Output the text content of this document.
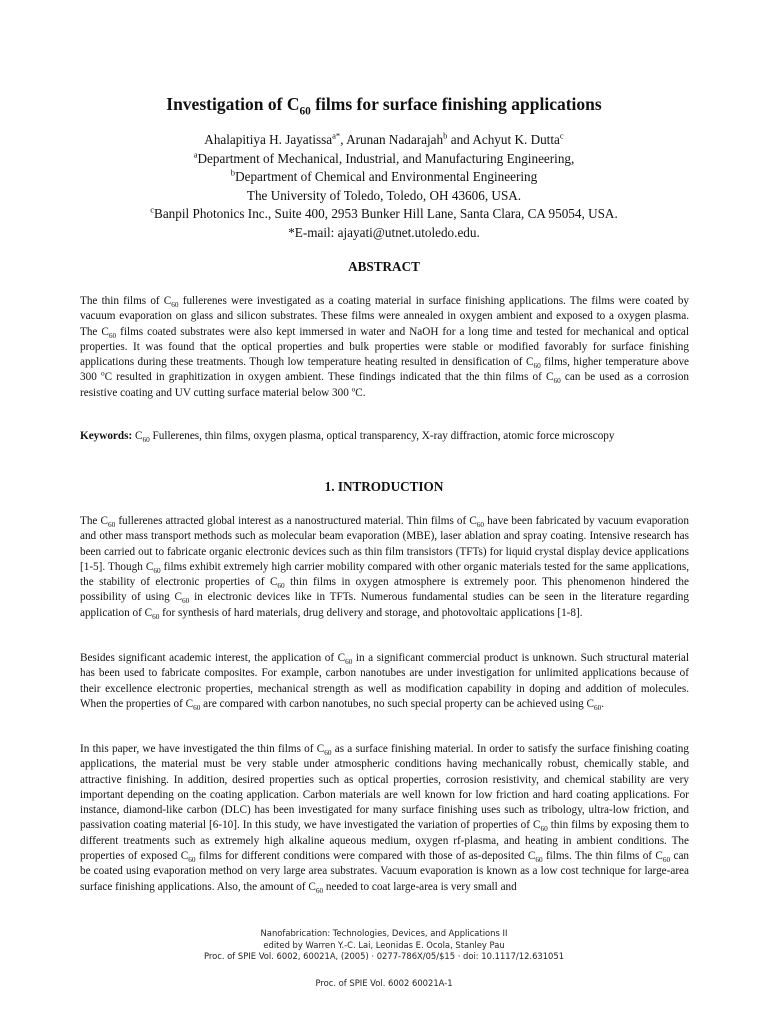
Investigation of $C_{60}$ films for surface finishing applications
Ahalapitiya H. Jayatissa$^{a*}$, Arunan Nadarajah$^b$ and Achyut K. Dutta$^c$
$^a$Department of Mechanical, Industrial, and Manufacturing Engineering,
$^b$Department of Chemical and Environmental Engineering
The University of Toledo, Toledo, OH 43606, USA.
$^c$Banpil Photonics Inc., Suite 400, 2953 Bunker Hill Lane, Santa Clara, CA 95054, USA.
*E-mail: ajayati@utnet.utoledo.edu.
ABSTRACT

The thin films of $C_{60}$ fullerenes were investigated as a coating material in surface finishing applications. The films were coated by vacuum evaporation on glass and silicon substrates. These films were annealed in oxygen ambient and exposed to a oxygen plasma. The $C_{60}$ films coated substrates were also kept immersed in water and NaOH for a long time and tested for mechanical and optical properties. It was found that the optical properties and bulk properties were stable or modified favorably for surface finishing applications during these treatments. Though low temperature heating resulted in densification of $C_{60}$ films, higher temperature above 300 $^o$C resulted in graphitization in oxygen ambient. These findings indicated that the thin films of $C_{60}$ can be used as a corrosion resistive coating and UV cutting surface material below 300 $^o$C.

Keywords: $C_{60}$ Fullerenes, thin films, oxygen plasma, optical transparency, X-ray diffraction, atomic force microscopy
1. INTRODUCTION

The $C_{60}$ fullerenes attracted global interest as a nanostructured material. Thin films of $C_{60}$ have been fabricated by vacuum evaporation and other mass transport methods such as molecular beam evaporation (MBE), laser ablation and spray coating. Intensive research has been carried out to fabricate organic electronic devices such as thin film transistors (TFTs) for liquid crystal display device applications [1-5]. Though $C_{60}$ films exhibit extremely high carrier mobility compared with other organic materials tested for the same applications, the stability of electronic properties of $C_{60}$ thin films in oxygen atmosphere is extremely poor. This phenomenon hindered the possibility of using $C_{60}$ in electronic devices like in TFTs. Numerous fundamental studies can be seen in the literature regarding application of $C_{60}$ for synthesis of hard materials, drug delivery and storage, and photovoltaic applications [1-8].

Besides significant academic interest, the application of $C_{60}$ in a significant commercial product is unknown. Such structural material has been used to fabricate composites. For example, carbon nanotubes are under investigation for unlimited applications because of their excellence electronic properties, mechanical strength as well as modification capability in doping and addition of molecules. When the properties of $C_{60}$ are compared with carbon nanotubes, no such special property can be achieved using $C_{60}$.

In this paper, we have investigated the thin films of $C_{60}$ as a surface finishing material. In order to satisfy the surface finishing coating applications, the material must be very stable under atmospheric conditions having mechanically robust, chemically stable, and attractive finishing. In addition, desired properties such as optical properties, corrosion resistivity, and chemical stability are very important depending on the coating application. Carbon materials are well known for low friction and hard coating applications. For instance, diamond-like carbon (DLC) has been investigated for many surface finishing uses such as tribology, ultra-low friction, and passivation coating material [6-10]. In this study, we have investigated the variation of properties of $C_{60}$ thin films by exposing them to different treatments such as extremely high alkaline aqueous medium, oxygen rf-plasma, and heating in ambient conditions. The properties of exposed $C_{60}$ films for different conditions were compared with those of as-deposited $C_{60}$ films. The thin films of $C_{60}$ can be coated using evaporation method on very large area substrates. Vacuum evaporation is known as a low cost technique for large-area surface finishing applications. Also, the amount of $C_{60}$ needed to coat large-area is very small and

Nanofabrication: Technologies, Devices, and Applications II
edited by Warren Y.-C. Lai, Leonidas E. Ocola, Stanley Pau
Proc. of SPIE Vol. 6002, 60021A, (2005) · 0277-786X/05/$15 · doi: 10.1117/12.631051
Proc. of SPIE Vol. 6002 60021A-1
